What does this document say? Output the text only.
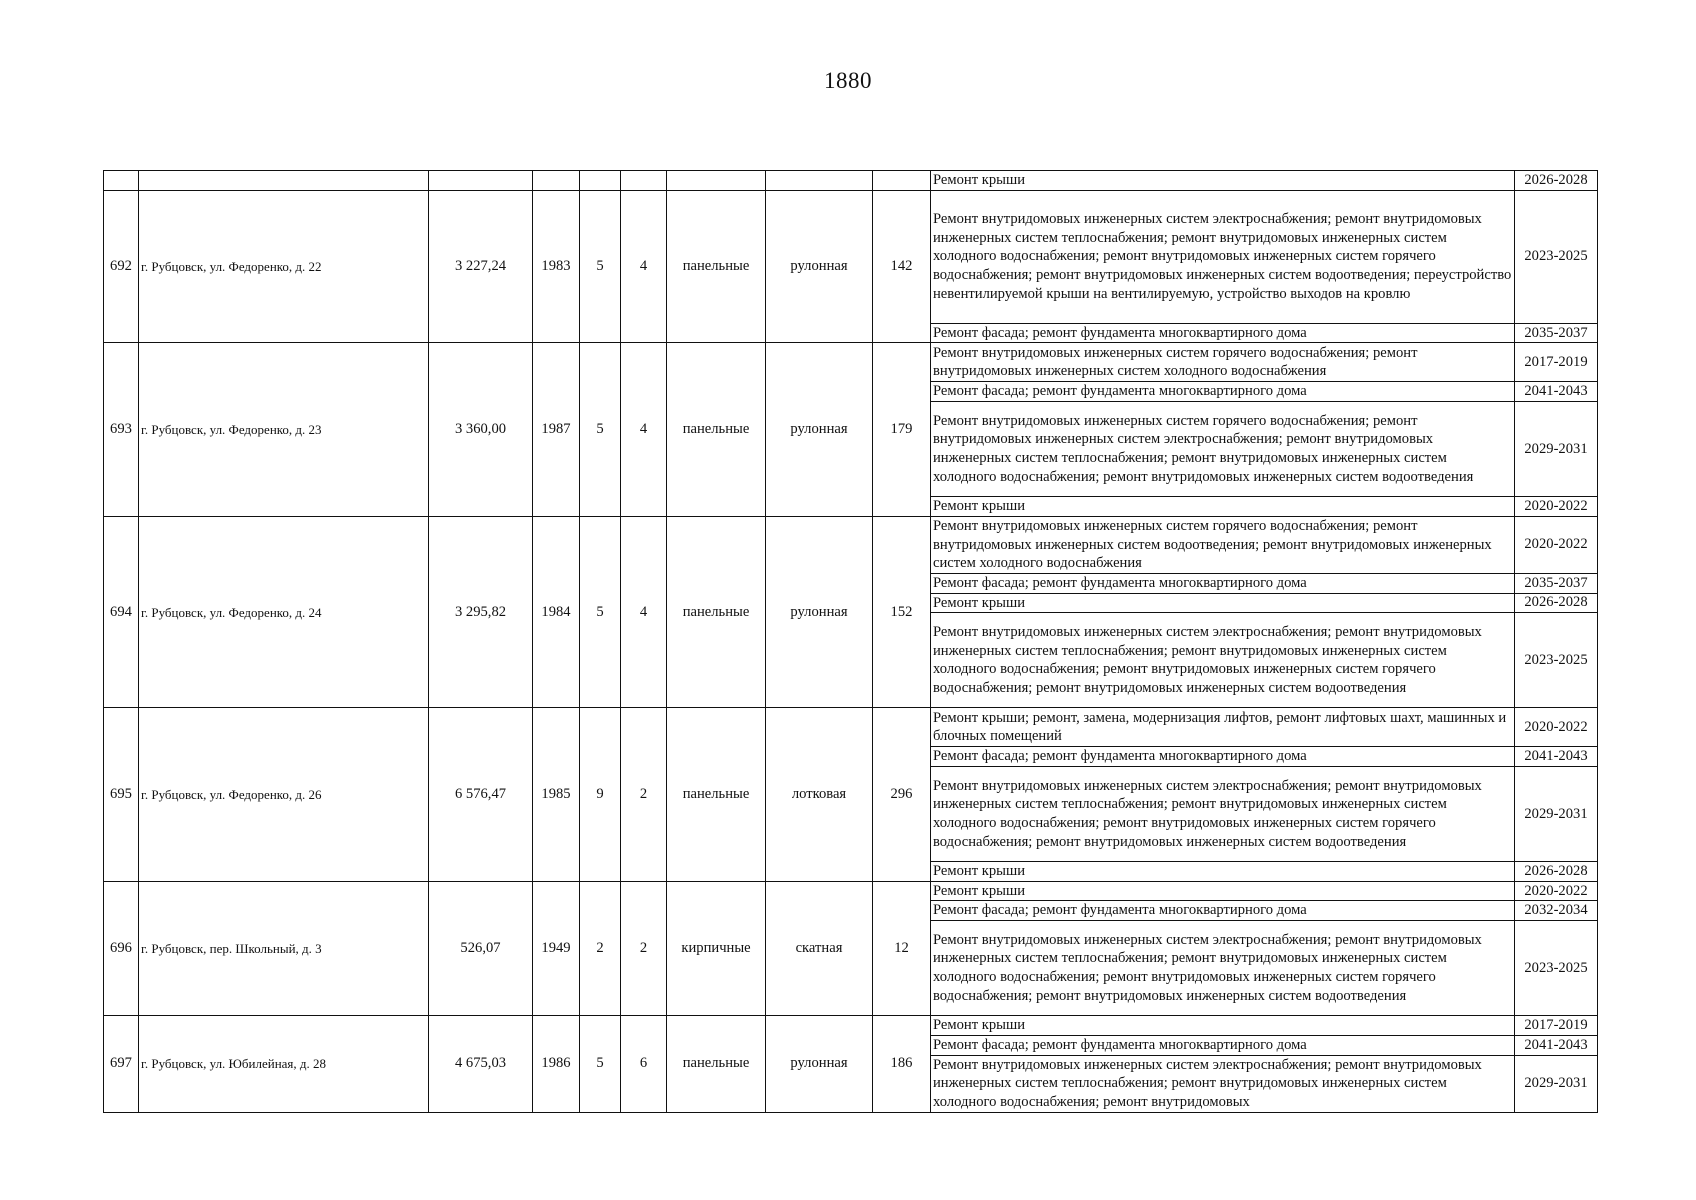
1880
									Ремонт крыши	2026-2028
692	г. Рубцовск, ул. Федоренко, д. 22	3 227,24	1983	5	4	панельные	рулонная	142	Ремонт внутридомовых инженерных систем электроснабжения; ремонт внутридомовых инженерных систем теплоснабжения; ремонт внутридомовых инженерных систем холодного водоснабжения; ремонт внутридомовых инженерных систем горячего водоснабжения; ремонт внутридомовых инженерных систем водоотведения; переустройство невентилируемой крыши на вентилируемую, устройство выходов на кровлю	2023-2025
									Ремонт фасада; ремонт фундамента многоквартирного дома	2035-2037
693	г. Рубцовск, ул. Федоренко, д. 23	3 360,00	1987	5	4	панельные	рулонная	179	Ремонт внутридомовых инженерных систем горячего водоснабжения; ремонт внутридомовых инженерных систем холодного водоснабжения	2017-2019
									Ремонт фасада; ремонт фундамента многоквартирного дома	2041-2043
									Ремонт внутридомовых инженерных систем горячего водоснабжения; ремонт внутридомовых инженерных систем электроснабжения; ремонт внутридомовых инженерных систем теплоснабжения; ремонт внутридомовых инженерных систем холодного водоснабжения; ремонт внутридомовых инженерных систем водоотведения	2029-2031
									Ремонт крыши	2020-2022
694	г. Рубцовск, ул. Федоренко, д. 24	3 295,82	1984	5	4	панельные	рулонная	152	Ремонт внутридомовых инженерных систем горячего водоснабжения; ремонт внутридомовых инженерных систем водоотведения; ремонт внутридомовых инженерных систем холодного водоснабжения	2020-2022
									Ремонт фасада; ремонт фундамента многоквартирного дома	2035-2037
									Ремонт крыши	2026-2028
									Ремонт внутридомовых инженерных систем электроснабжения; ремонт внутридомовых инженерных систем теплоснабжения; ремонт внутридомовых инженерных систем холодного водоснабжения; ремонт внутридомовых инженерных систем горячего водоснабжения; ремонт внутридомовых инженерных систем водоотведения	2023-2025
695	г. Рубцовск, ул. Федоренко, д. 26	6 576,47	1985	9	2	панельные	лотковая	296	Ремонт крыши; ремонт, замена, модернизация лифтов, ремонт лифтовых шахт, машинных и блочных помещений	2020-2022
									Ремонт фасада; ремонт фундамента многоквартирного дома	2041-2043
									Ремонт внутридомовых инженерных систем электроснабжения; ремонт внутридомовых инженерных систем теплоснабжения; ремонт внутридомовых инженерных систем холодного водоснабжения; ремонт внутридомовых инженерных систем горячего водоснабжения; ремонт внутридомовых инженерных систем водоотведения	2029-2031
									Ремонт крыши	2026-2028
696	г. Рубцовск, пер. Школьный, д. 3	526,07	1949	2	2	кирпичные	скатная	12	Ремонт крыши	2020-2022
									Ремонт фасада; ремонт фундамента многоквартирного дома	2032-2034
									Ремонт внутридомовых инженерных систем электроснабжения; ремонт внутридомовых инженерных систем теплоснабжения; ремонт внутридомовых инженерных систем холодного водоснабжения; ремонт внутридомовых инженерных систем горячего водоснабжения; ремонт внутридомовых инженерных систем водоотведения	2023-2025
697	г. Рубцовск, ул. Юбилейная, д. 28	4 675,03	1986	5	6	панельные	рулонная	186	Ремонт крыши	2017-2019
									Ремонт фасада; ремонт фундамента многоквартирного дома	2041-2043
									Ремонт внутридомовых инженерных систем электроснабжения; ремонт внутридомовых инженерных систем теплоснабжения; ремонт внутридомовых инженерных систем холодного водоснабжения; ремонт внутридомовых	2029-2031
